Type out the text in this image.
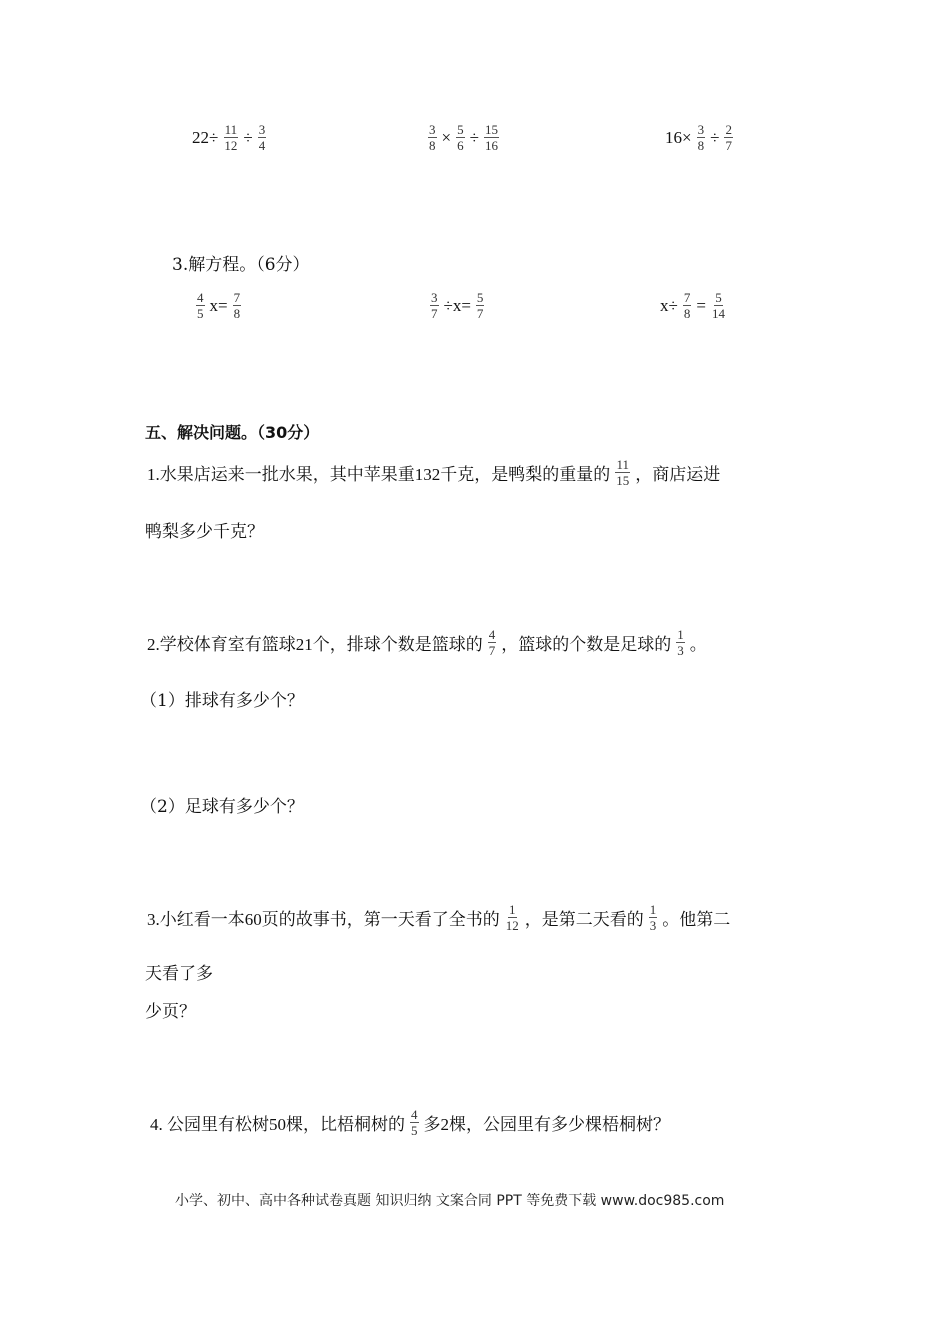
$22\div \frac{11}{12} \div \frac{3}{4}$	$\frac{3}{8} \times \frac{5}{6} \div \frac{15}{16}$	$16\times \frac{3}{8} \div \frac{2}{7}$
3.解方程。（6分）
$\frac{4}{5} x= \frac{7}{8}$	$\frac{3}{7} \div x= \frac{5}{7}$	$x\div \frac{7}{8} = \frac{5}{14}$
五、解决问题。（30分）
1.水果店运来一批水果，其中苹果重132千克，是鸭梨的重量的 $\frac{11}{15}$ ，商店运进
鸭梨多少千克？
2.学校体育室有篮球21个，排球个数是篮球的 $\frac{4}{7}$ ，篮球的个数是足球的 $\frac{1}{3}$ 。
（1）排球有多少个？
（2）足球有多少个？
3.小红看一本60页的故事书，第一天看了全书的 $\frac{1}{12}$ ，是第二天看的 $\frac{1}{3}$ 。他第二
天看了多
少页？
4. 公园里有松树50棵，比梧桐树的 $\frac{4}{5}$ 多2棵，公园里有多少棵梧桐树？
小学、初中、高中各种试卷真题 知识归纳 文案合同 PPT 等免费下载 www.doc985.com
